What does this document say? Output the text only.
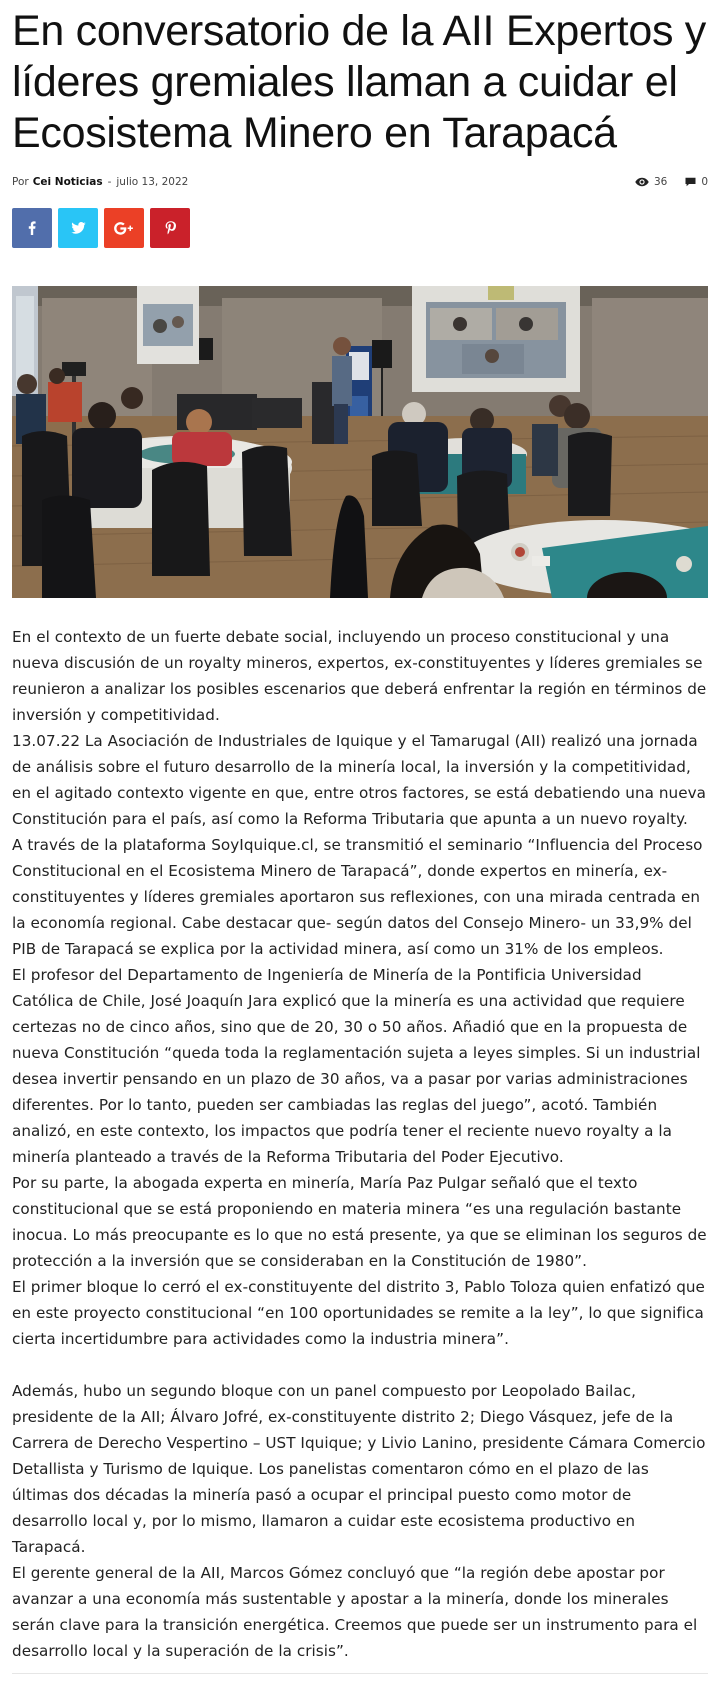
En conversatorio de la AII Expertos y líderes gremiales llaman a cuidar el Ecosistema Minero en Tarapacá
Por Cei Noticias - julio 13, 2022	36	0

En el contexto de un fuerte debate social, incluyendo un proceso constitucional y una nueva discusión de un royalty mineros, expertos, ex-constituyentes y líderes gremiales se reunieron a analizar los posibles escenarios que deberá enfrentar la región en términos de inversión y competitividad.

13.07.22 La Asociación de Industriales de Iquique y el Tamarugal (AII) realizó una jornada de análisis sobre el futuro desarrollo de la minería local, la inversión y la competitividad, en el agitado contexto vigente en que, entre otros factores, se está debatiendo una nueva Constitución para el país, así como la Reforma Tributaria que apunta a un nuevo royalty.

A través de la plataforma SoyIquique.cl, se transmitió el seminario “Influencia del Proceso Constitucional en el Ecosistema Minero de Tarapacá”, donde expertos en minería, ex-constituyentes y líderes gremiales aportaron sus reflexiones, con una mirada centrada en la economía regional. Cabe destacar que- según datos del Consejo Minero- un 33,9% del PIB de Tarapacá se explica por la actividad minera, así como un 31% de los empleos.

El profesor del Departamento de Ingeniería de Minería de la Pontificia Universidad Católica de Chile, José Joaquín Jara explicó que la minería es una actividad que requiere certezas no de cinco años, sino que de 20, 30 o 50 años. Añadió que en la propuesta de nueva Constitución “queda toda la reglamentación sujeta a leyes simples. Si un industrial desea invertir pensando en un plazo de 30 años, va a pasar por varias administraciones diferentes. Por lo tanto, pueden ser cambiadas las reglas del juego”, acotó. También analizó, en este contexto, los impactos que podría tener el reciente nuevo royalty a la minería planteado a través de la Reforma Tributaria del Poder Ejecutivo.

Por su parte, la abogada experta en minería, María Paz Pulgar señaló que el texto constitucional que se está proponiendo en materia minera “es una regulación bastante inocua. Lo más preocupante es lo que no está presente, ya que se eliminan los seguros de protección a la inversión que se consideraban en la Constitución de 1980”.

El primer bloque lo cerró el ex-constituyente del distrito 3, Pablo Toloza quien enfatizó que en este proyecto constitucional “en 100 oportunidades se remite a la ley”, lo que significa cierta incertidumbre para actividades como la industria minera”.

Además, hubo un segundo bloque con un panel compuesto por Leopolado Bailac, presidente de la AII; Álvaro Jofré, ex-constituyente distrito 2; Diego Vásquez, jefe de la Carrera de Derecho Vespertino – UST Iquique; y Livio Lanino, presidente Cámara Comercio Detallista y Turismo de Iquique. Los panelistas comentaron cómo en el plazo de las últimas dos décadas la minería pasó a ocupar el principal puesto como motor de desarrollo local y, por lo mismo, llamaron a cuidar este ecosistema productivo en Tarapacá.

El gerente general de la AII, Marcos Gómez concluyó que “la región debe apostar por avanzar a una economía más sustentable y apostar a la minería, donde los minerales serán clave para la transición energética. Creemos que puede ser un instrumento para el desarrollo local y la superación de la crisis”.
